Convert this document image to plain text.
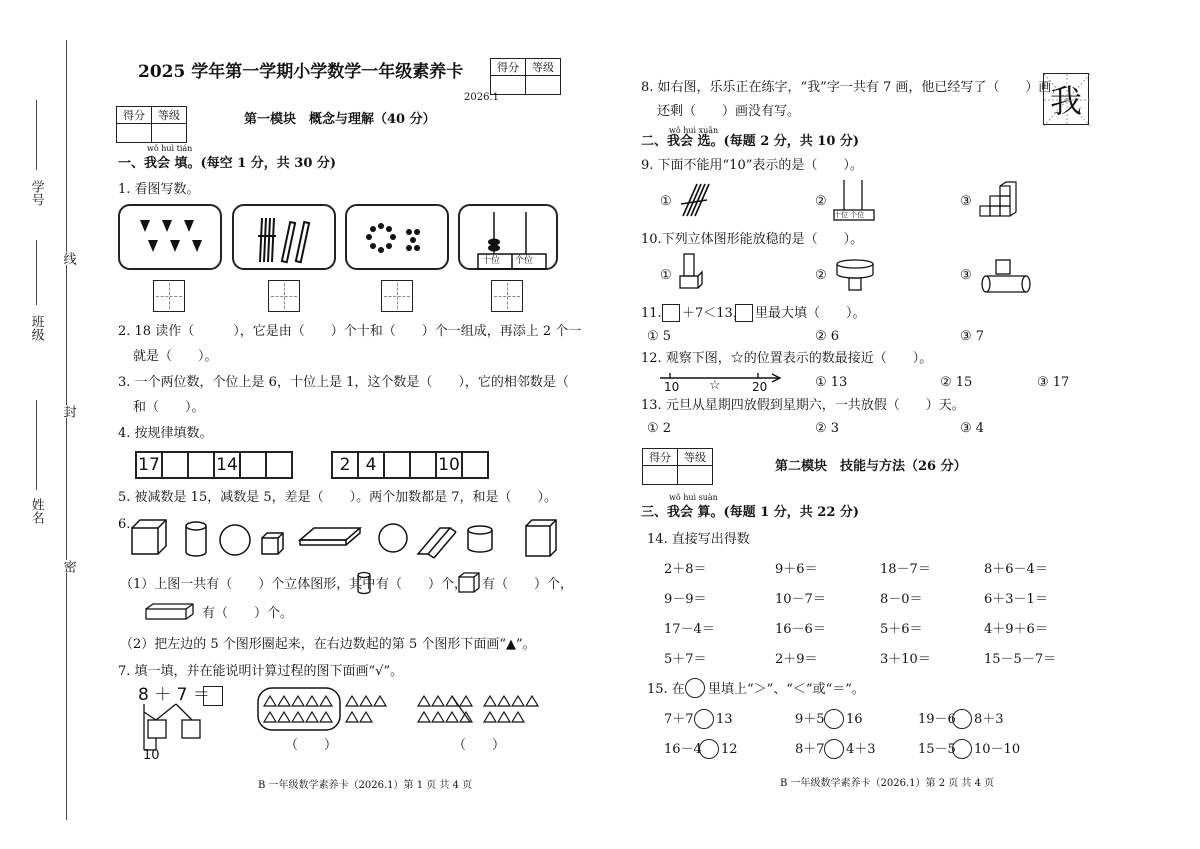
学号
线
班级
封
姓名
密
2025 学年第一学期小学数学一年级素养卡	得分	等级

2026.1
得分	等级
		第一模块　概念与理解（40 分）
wǒ huì tián
一、我会 填。(每空 1 分，共 30 分)
1. 看图写数。
十位 个位
2. 18 读作（　　　），它是由（　　）个十和（　　）个一组成，再添上 2 个一
就是（　　）。
3. 一个两位数，个位上是 6，十位上是 1，这个数是（　　），它的相邻数是（
和（　　）。
4. 按规律填数。
17			14			2	4			10	
5. 被减数是 15，减数是 5，差是（　　）。两个加数都是 7，和是（　　）。
6.
（1）上图一共有（　　）个立体图形，其中 有（　　）个， 有（　　）个，
有（　　）个。
（2）把左边的 5 个图形圈起来，在右边数起的第 5 个图形下面画“▲”。
7. 填一填，并在能说明计算过程的图下面画“√”。
8 ＋ 7 ＝
10
（　　）	（　　）
B 一年级数学素养卡（2026.1）第 1 页 共 4 页
8. 如右图，乐乐正在练字，“我”字一共有 7 画，他已经写了（　　）画，
还剩（　　）画没有写。	我
wǒ huì xuǎn
二、我会 选。(每题 2 分，共 10 分)
9. 下面不能用“10”表示的是（　　）。
①	②
十位 个位
③
10.下列立体图形能放稳的是（　　）。
①	②	③
11. ＋7＜13， 里最大填（　　）。
① 5	② 6	③ 7
12. 观察下图，☆的位置表示的数最接近（　　）。
10 ☆	20	① 13	② 15	③ 17
13. 元旦从星期四放假到星期六，一共放假（　　）天。
① 2	② 3	③ 4
得分	等级

第二模块　技能与方法（26 分）
wǒ huì suàn
三、我会 算。(每题 1 分，共 22 分)
14. 直接写出得数
2＋8＝	9＋6＝	18－7＝	8＋6－4＝
9－9＝	10－7＝	8－0＝	6＋3－1＝
17－4＝	16－6＝	5＋6＝	4＋9＋6＝
5＋7＝	2＋9＝	3＋10＝	15－5－7＝
15. 在 里填上“＞”、“＜”或“＝”。
7＋7 13	9＋5 16	19－6 8＋3
16－4 12	8＋7 4＋3	15－5 10－10
B 一年级数学素养卡（2026.1）第 2 页 共 4 页
